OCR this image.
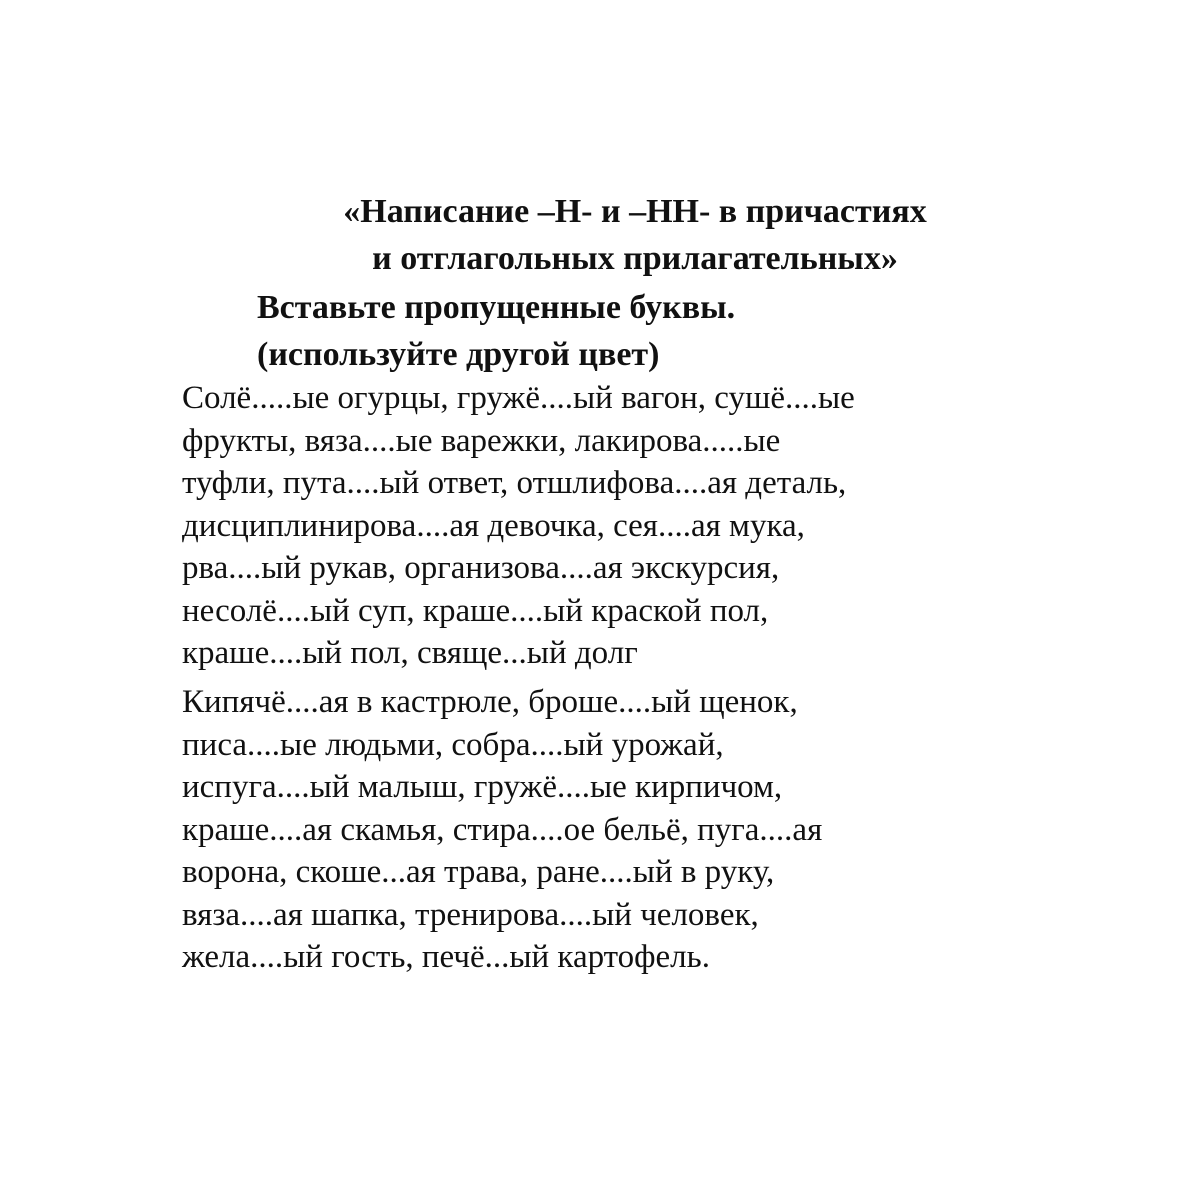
«Написание –Н- и –НН- в причастиях
и отглагольных прилагательных»
Вставьте пропущенные буквы.
(используйте другой цвет)
Солё.....ые огурцы, гружё....ый вагон, сушё....ые
фрукты, вяза....ые варежки, лакирова.....ые
туфли, пута....ый ответ, отшлифова....ая деталь,
дисциплинирова....ая девочка, сея....ая мука,
рва....ый рукав, организова....ая экскурсия,
несолё....ый суп, краше....ый краской пол,
краше....ый пол, свяще...ый долг
Кипячё....ая в кастрюле, броше....ый щенок,
писа....ые людьми, собра....ый урожай,
испуга....ый малыш, гружё....ые кирпичом,
краше....ая скамья, стира....ое бельё, пуга....ая
ворона, скоше...ая трава, ране....ый в руку,
вяза....ая шапка, тренирова....ый человек,
жела....ый гость, печё...ый картофель.
